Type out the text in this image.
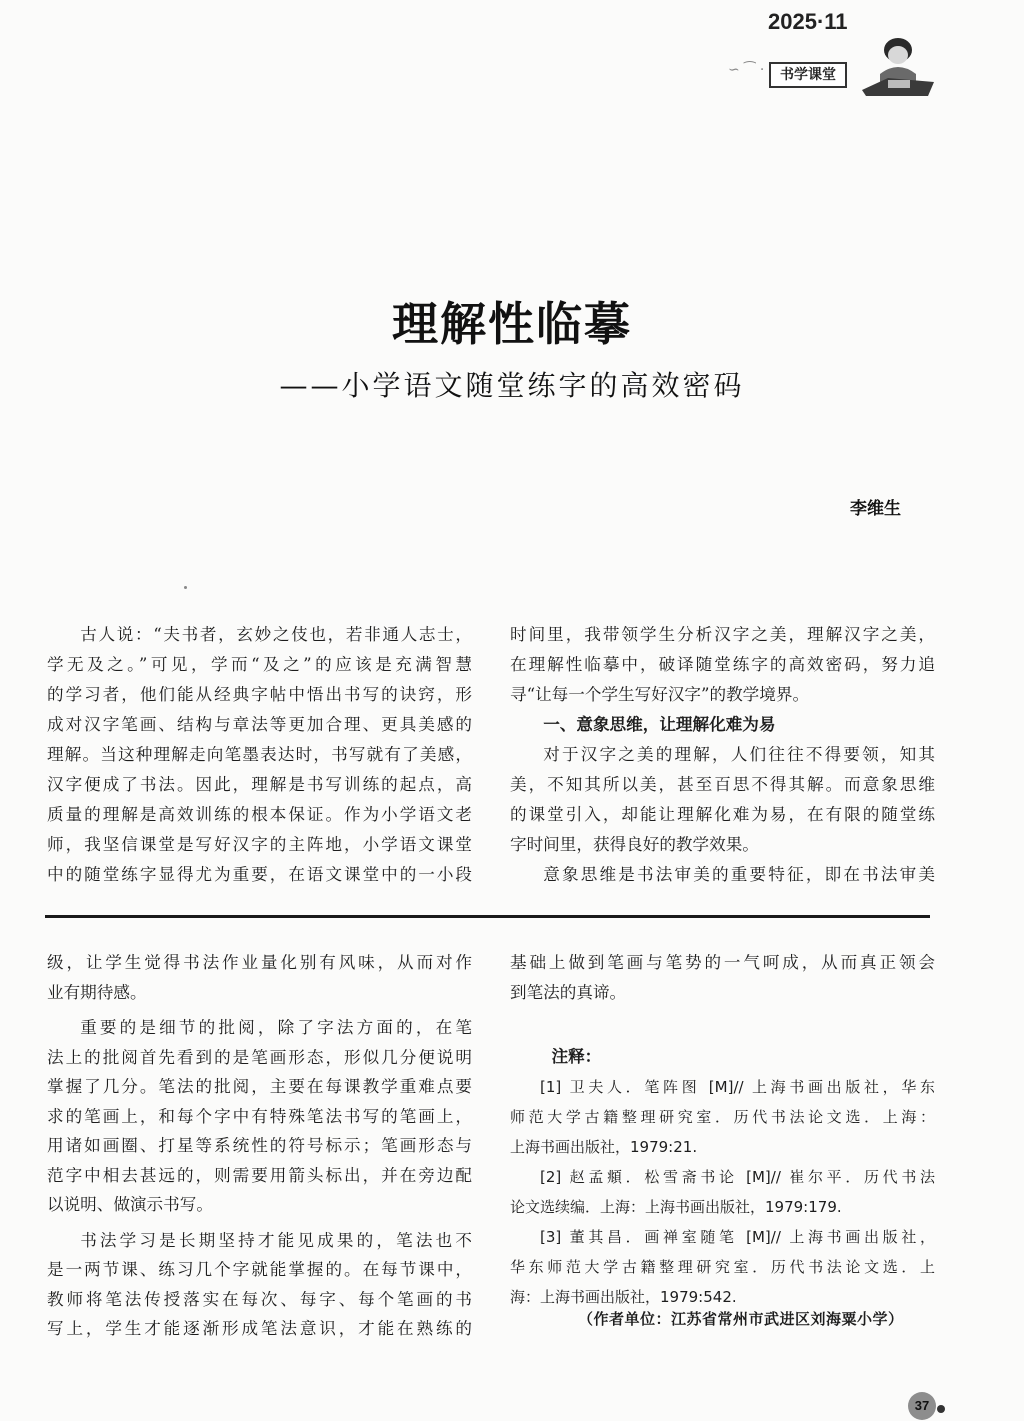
2025·11
∽ ⁀ ·	书学课堂
理解性临摹
——小学语文随堂练字的高效密码
李维生
古人说：“夫书者，玄妙之伎也，若非通人志士，
学无及之。”可见，学而“及之”的应该是充满智慧
的学习者，他们能从经典字帖中悟出书写的诀窍，形
成对汉字笔画、结构与章法等更加合理、更具美感的
理解。当这种理解走向笔墨表达时，书写就有了美感，
汉字便成了书法。因此，理解是书写训练的起点，高
质量的理解是高效训练的根本保证。作为小学语文老
师，我坚信课堂是写好汉字的主阵地，小学语文课堂
中的随堂练字显得尤为重要，在语文课堂中的一小段
时间里，我带领学生分析汉字之美，理解汉字之美，
在理解性临摹中，破译随堂练字的高效密码，努力追
寻“让每一个学生写好汉字”的教学境界。
一、意象思维，让理解化难为易
对于汉字之美的理解，人们往往不得要领，知其
美，不知其所以美，甚至百思不得其解。而意象思维
的课堂引入，却能让理解化难为易，在有限的随堂练
字时间里，获得良好的教学效果。
意象思维是书法审美的重要特征，即在书法审美
级，让学生觉得书法作业量化别有风味，从而对作
业有期待感。
重要的是细节的批阅，除了字法方面的，在笔
法上的批阅首先看到的是笔画形态，形似几分便说明
掌握了几分。笔法的批阅，主要在每课教学重难点要
求的笔画上，和每个字中有特殊笔法书写的笔画上，
用诸如画圈、打星等系统性的符号标示；笔画形态与
范字中相去甚远的，则需要用箭头标出，并在旁边配
以说明、做演示书写。
书法学习是长期坚持才能见成果的，笔法也不
是一两节课、练习几个字就能掌握的。在每节课中，
教师将笔法传授落实在每次、每字、每个笔画的书
写上，学生才能逐渐形成笔法意识，才能在熟练的
基础上做到笔画与笔势的一气呵成，从而真正领会
到笔法的真谛。
注释：
[1] 卫夫人．笔阵图 [M]// 上海书画出版社，华东
师范大学古籍整理研究室．历代书法论文选．上海：
上海书画出版社，1979:21.
[2] 赵孟頫．松雪斋书论 [M]// 崔尔平．历代书法
论文选续编．上海：上海书画出版社，1979:179.
[3] 董其昌．画禅室随笔 [M]// 上海书画出版社，
华东师范大学古籍整理研究室．历代书法论文选．上
海：上海书画出版社，1979:542.
（作者单位：江苏省常州市武进区刘海粟小学）
37
